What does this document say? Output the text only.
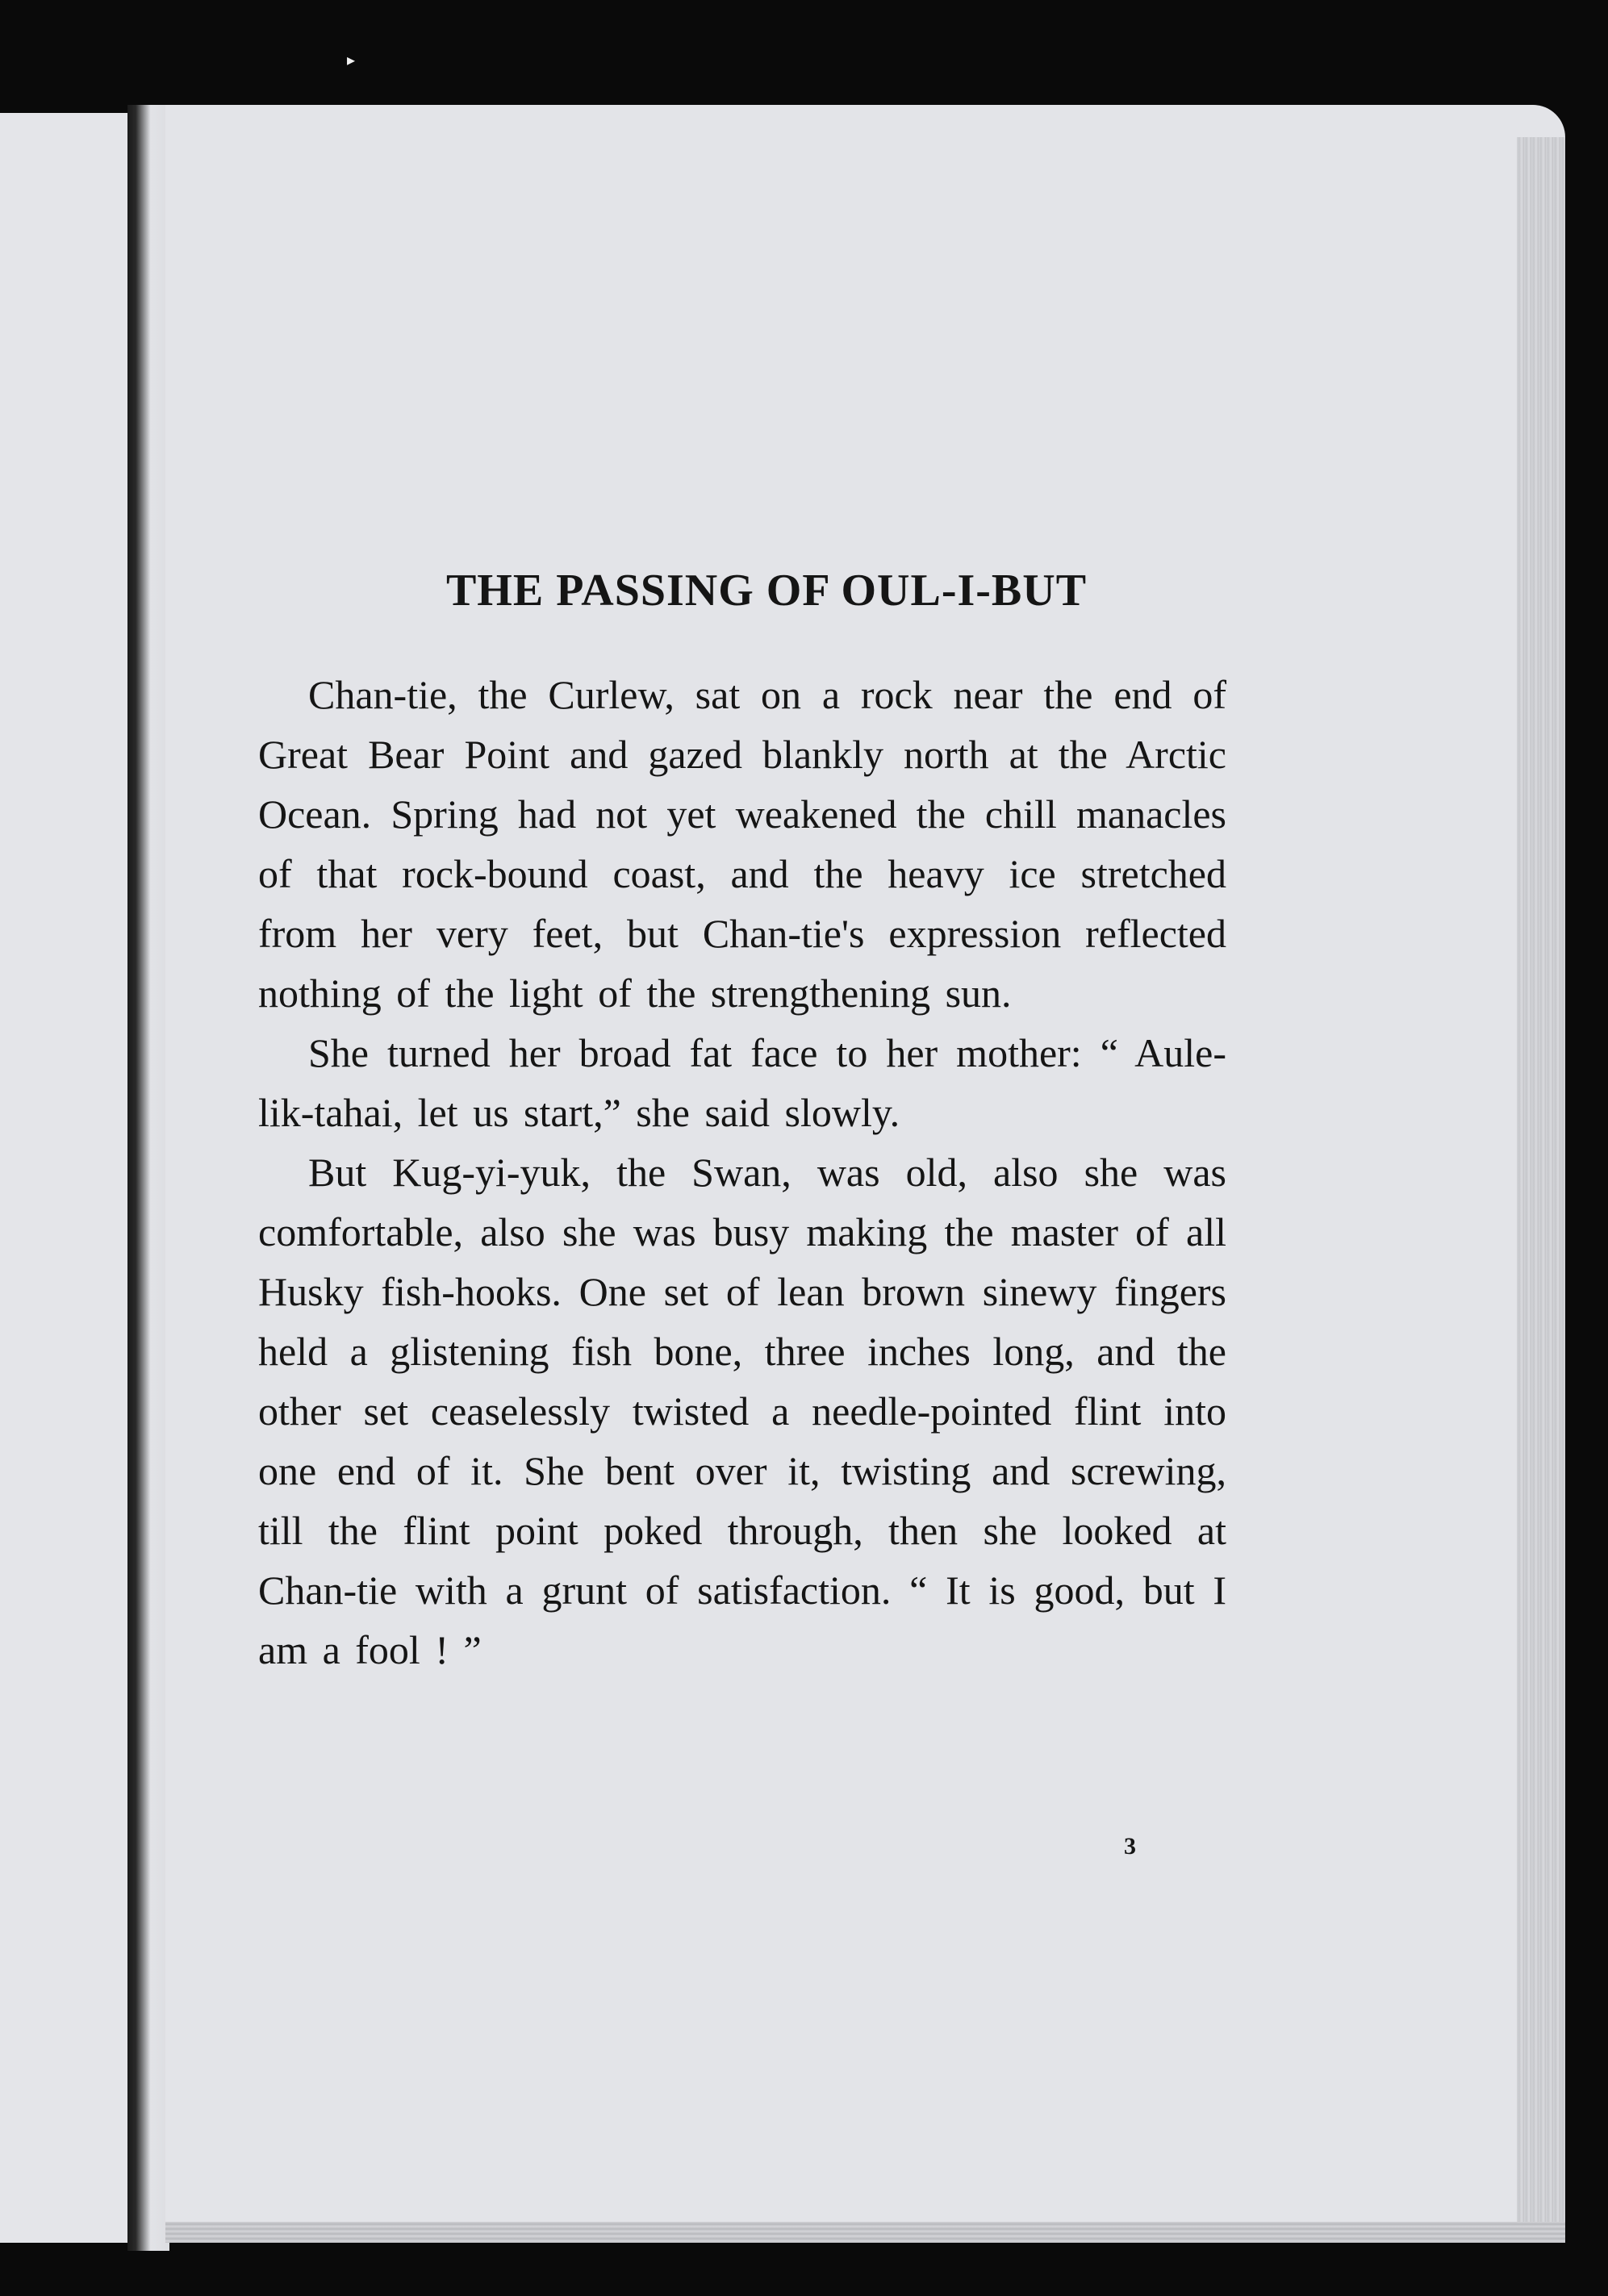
THE PASSING OF OUL-I-BUT

Chan-tie, the Curlew, sat on a rock near the end of Great Bear Point and gazed blankly north at the Arctic Ocean. Spring had not yet weakened the chill manacles of that rock-bound coast, and the heavy ice stretched from her very feet, but Chan-tie's expression reflected nothing of the light of the strengthening sun.

She turned her broad fat face to her mother: “ Aule-lik-tahai, let us start,” she said slowly.

But Kug-yi-yuk, the Swan, was old, also she was comfortable, also she was busy making the master of all Husky fish-hooks. One set of lean brown sinewy fingers held a glistening fish bone, three inches long, and the other set ceaselessly twisted a needle-pointed flint into one end of it. She bent over it, twisting and screwing, till the flint point poked through, then she looked at Chan-tie with a grunt of satisfaction. “ It is good, but I am a fool ! ”

3
▸
